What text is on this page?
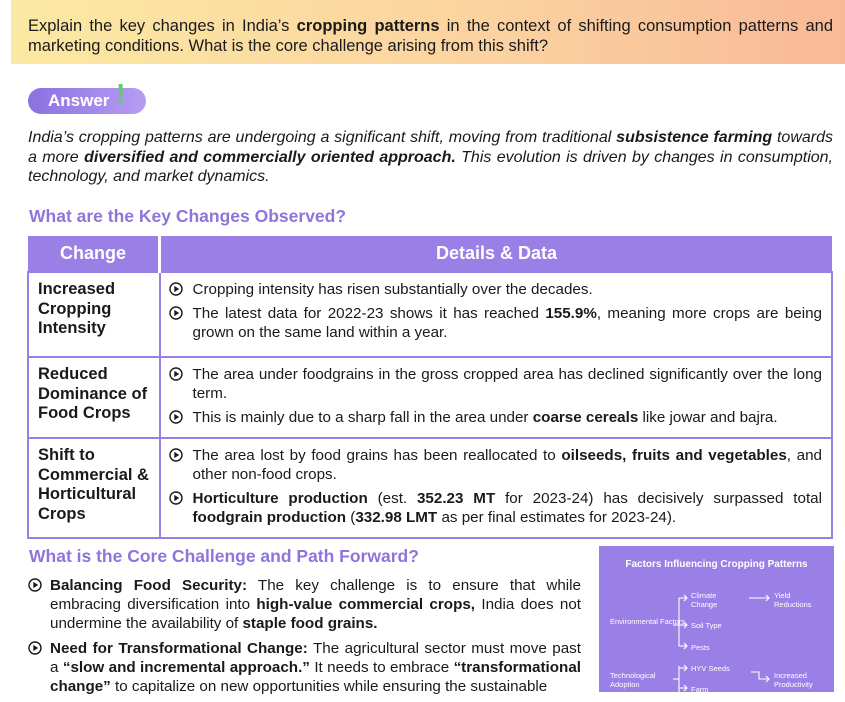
Explain the key changes in India’s cropping patterns in the context of shifting consumption patterns and marketing conditions. What is the core challenge arising from this shift?
Answer !
India’s cropping patterns are undergoing a significant shift, moving from traditional subsistence farming towards a more diversified and commercially oriented approach. This evolution is driven by changes in consumption, technology, and market dynamics.
What are the Key Changes Observed?
Change	Details & Data
Increased Cropping Intensity	Cropping intensity has risen substantially over the decades.
The latest data for 2022-23 shows it has reached 155.9%, meaning more crops are being grown on the same land within a year.

Reduced Dominance of Food Crops	The area under foodgrains in the gross cropped area has declined significantly over the long term.
This is mainly due to a sharp fall in the area under coarse cereals like jowar and bajra.

Shift to Commercial & Horticultural Crops	The area lost by food grains has been reallocated to oilseeds, fruits and vegetables, and other non-food crops.
Horticulture production (est. 352.23 MT for 2023-24) has decisively surpassed total foodgrain production (332.98 LMT as per final estimates for 2023-24).
What is the Core Challenge and Path Forward?
Balancing Food Security: The key challenge is to ensure that while embracing diversification into high-value commercial crops, India does not undermine the availability of staple food grains.
Need for Transformational Change: The agricultural sector must move past a “slow and incremental approach.” It needs to embrace “transformational change” to capitalize on new opportunities while ensuring the sustainable
Factors Influencing Cropping Patterns
Environmental Factors
Climate Change
Soil Type
Pests
Yield Reductions
Technological Adoption
HYV Seeds
Farm
Increased Productivity
